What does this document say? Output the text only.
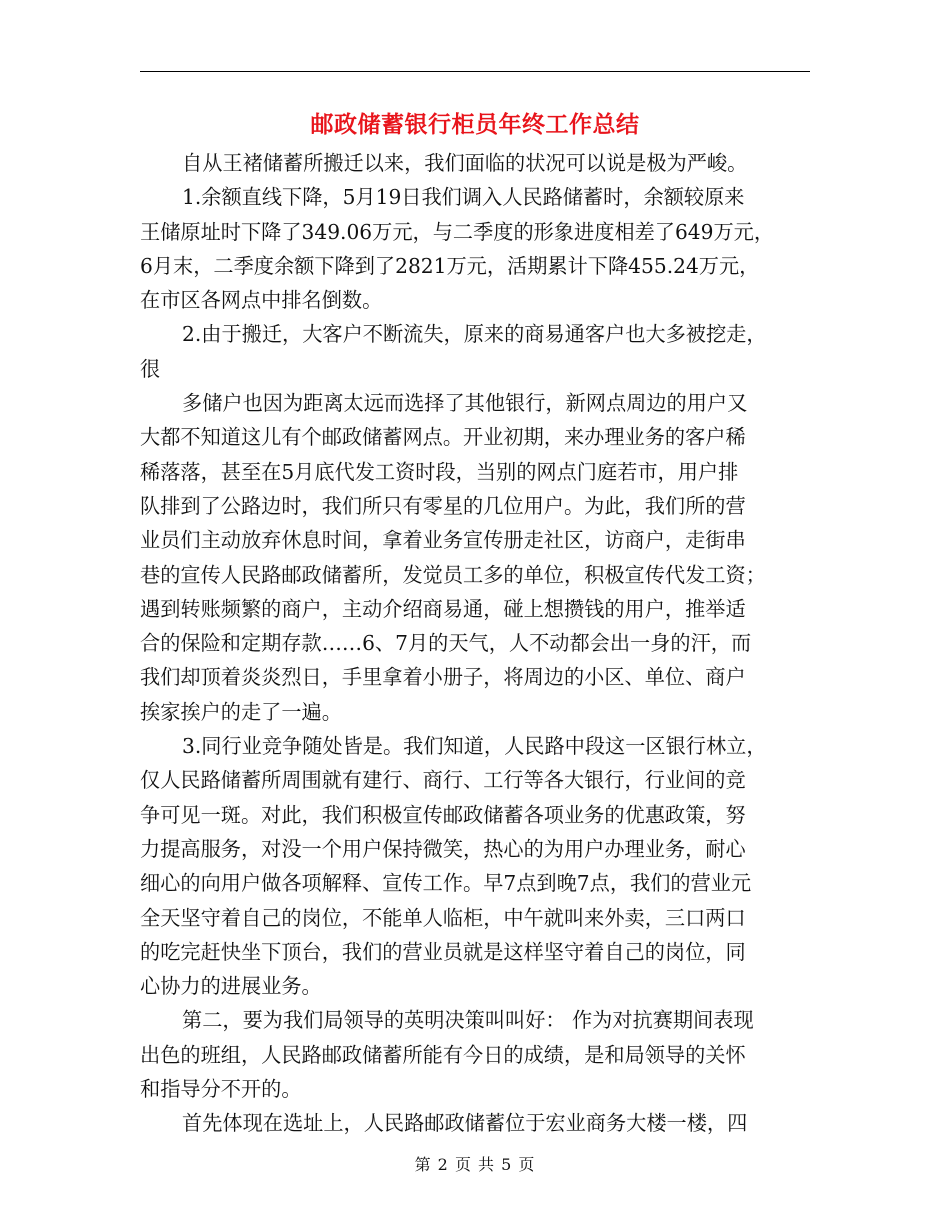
邮政储蓄银行柜员年终工作总结
自从王褚储蓄所搬迁以来，我们面临的状况可以说是极为严峻。
1.余额直线下降，5月19日我们调入人民路储蓄时，余额较原来
王储原址时下降了349.06万元，与二季度的形象进度相差了649万元，
6月末，二季度余额下降到了2821万元，活期累计下降455.24万元，
在市区各网点中排名倒数。
2.由于搬迁，大客户不断流失，原来的商易通客户也大多被挖走，
很
多储户也因为距离太远而选择了其他银行，新网点周边的用户又
大都不知道这儿有个邮政储蓄网点。开业初期，来办理业务的客户稀
稀落落，甚至在5月底代发工资时段，当别的网点门庭若市，用户排
队排到了公路边时，我们所只有零星的几位用户。为此，我们所的营
业员们主动放弃休息时间，拿着业务宣传册走社区，访商户，走街串
巷的宣传人民路邮政储蓄所，发觉员工多的单位，积极宣传代发工资；
遇到转账频繁的商户，主动介绍商易通，碰上想攒钱的用户，推举适
合的保险和定期存款……6、7月的天气，人不动都会出一身的汗，而
我们却顶着炎炎烈日，手里拿着小册子，将周边的小区、单位、商户
挨家挨户的走了一遍。
3.同行业竞争随处皆是。我们知道，人民路中段这一区银行林立，
仅人民路储蓄所周围就有建行、商行、工行等各大银行，行业间的竞
争可见一斑。对此，我们积极宣传邮政储蓄各项业务的优惠政策，努
力提高服务，对没一个用户保持微笑，热心的为用户办理业务，耐心
细心的向用户做各项解释、宣传工作。早7点到晚7点，我们的营业元
全天坚守着自己的岗位，不能单人临柜，中午就叫来外卖，三口两口
的吃完赶快坐下顶台，我们的营业员就是这样坚守着自己的岗位，同
心协力的进展业务。
第二，要为我们局领导的英明决策叫叫好： 作为对抗赛期间表现
出色的班组，人民路邮政储蓄所能有今日的成绩，是和局领导的关怀
和指导分不开的。
首先体现在选址上，人民路邮政储蓄位于宏业商务大楼一楼，四
第 2 页 共 5 页
